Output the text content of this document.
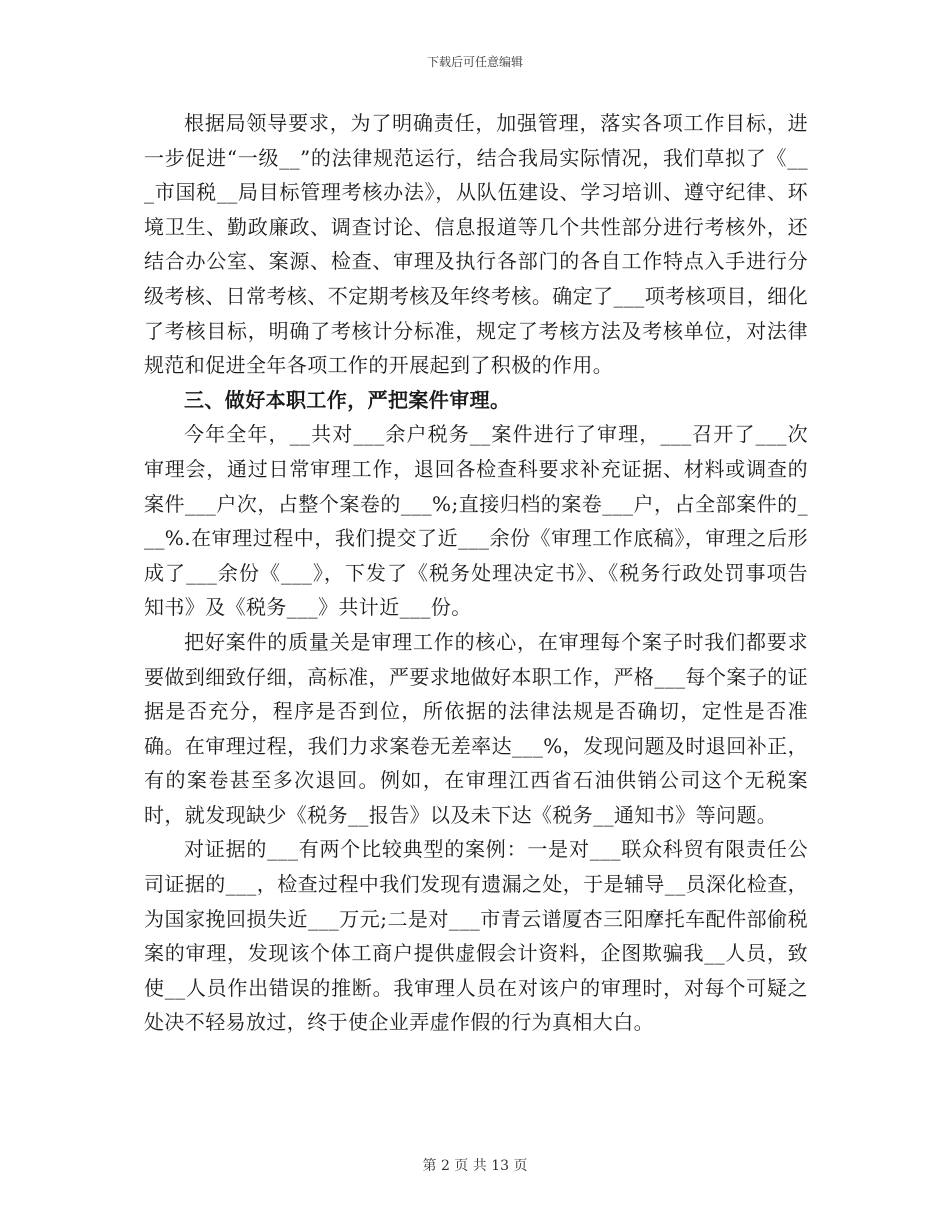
下载后可任意编辑

根据局领导要求，为了明确责任，加强管理，落实各项工作目标，进一步促进“一级__”的法律规范运行，结合我局实际情况，我们草拟了《___市国税__局目标管理考核办法》，从队伍建设、学习培训、遵守纪律、环境卫生、勤政廉政、调查讨论、信息报道等几个共性部分进行考核外，还结合办公室、案源、检查、审理及执行各部门的各自工作特点入手进行分级考核、日常考核、不定期考核及年终考核。确定了___项考核项目，细化了考核目标，明确了考核计分标准，规定了考核方法及考核单位，对法律规范和促进全年各项工作的开展起到了积极的作用。

三、做好本职工作，严把案件审理。

今年全年，__共对___余户税务__案件进行了审理，___召开了___次审理会，通过日常审理工作，退回各检查科要求补充证据、材料或调查的案件___户次，占整个案卷的___%;直接归档的案卷___户，占全部案件的___%.在审理过程中，我们提交了近___余份《审理工作底稿》，审理之后形成了___余份《___》，下发了《税务处理决定书》、《税务行政处罚事项告知书》及《税务___》共计近___份。

把好案件的质量关是审理工作的核心，在审理每个案子时我们都要求要做到细致仔细，高标准，严要求地做好本职工作，严格___每个案子的证据是否充分，程序是否到位，所依据的法律法规是否确切，定性是否准确。在审理过程，我们力求案卷无差率达___%，发现问题及时退回补正，有的案卷甚至多次退回。例如，在审理江西省石油供销公司这个无税案时，就发现缺少《税务__报告》以及未下达《税务__通知书》等问题。

对证据的___有两个比较典型的案例：一是对___联众科贸有限责任公司证据的___，检查过程中我们发现有遗漏之处，于是辅导__员深化检查，为国家挽回损失近___万元;二是对___市青云谱厦杏三阳摩托车配件部偷税案的审理，发现该个体工商户提供虚假会计资料，企图欺骗我__人员，致使__人员作出错误的推断。我审理人员在对该户的审理时，对每个可疑之处决不轻易放过，终于使企业弄虚作假的行为真相大白。

第 2 页 共 13 页
